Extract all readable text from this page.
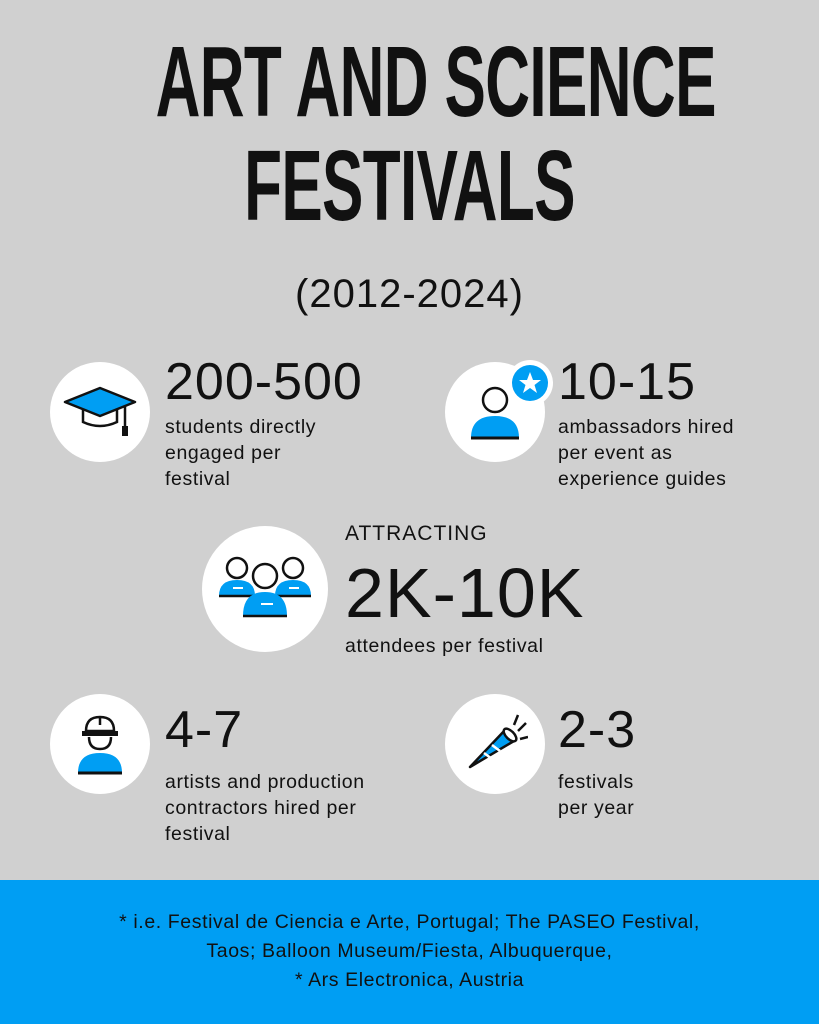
ART AND SCIENCE
FESTIVALS
(2012-2024)
200-500
students directly
engaged per
festival
10-15
ambassadors hired
per event as
experience guides
ATTRACTING
2K-10K
attendees per festival
4-7
artists and production
contractors hired per
festival
2-3
festivals
per year
* i.e. Festival de Ciencia e Arte, Portugal; The PASEO Festival,
Taos; Balloon Museum/Fiesta, Albuquerque,
* Ars Electronica, Austria
